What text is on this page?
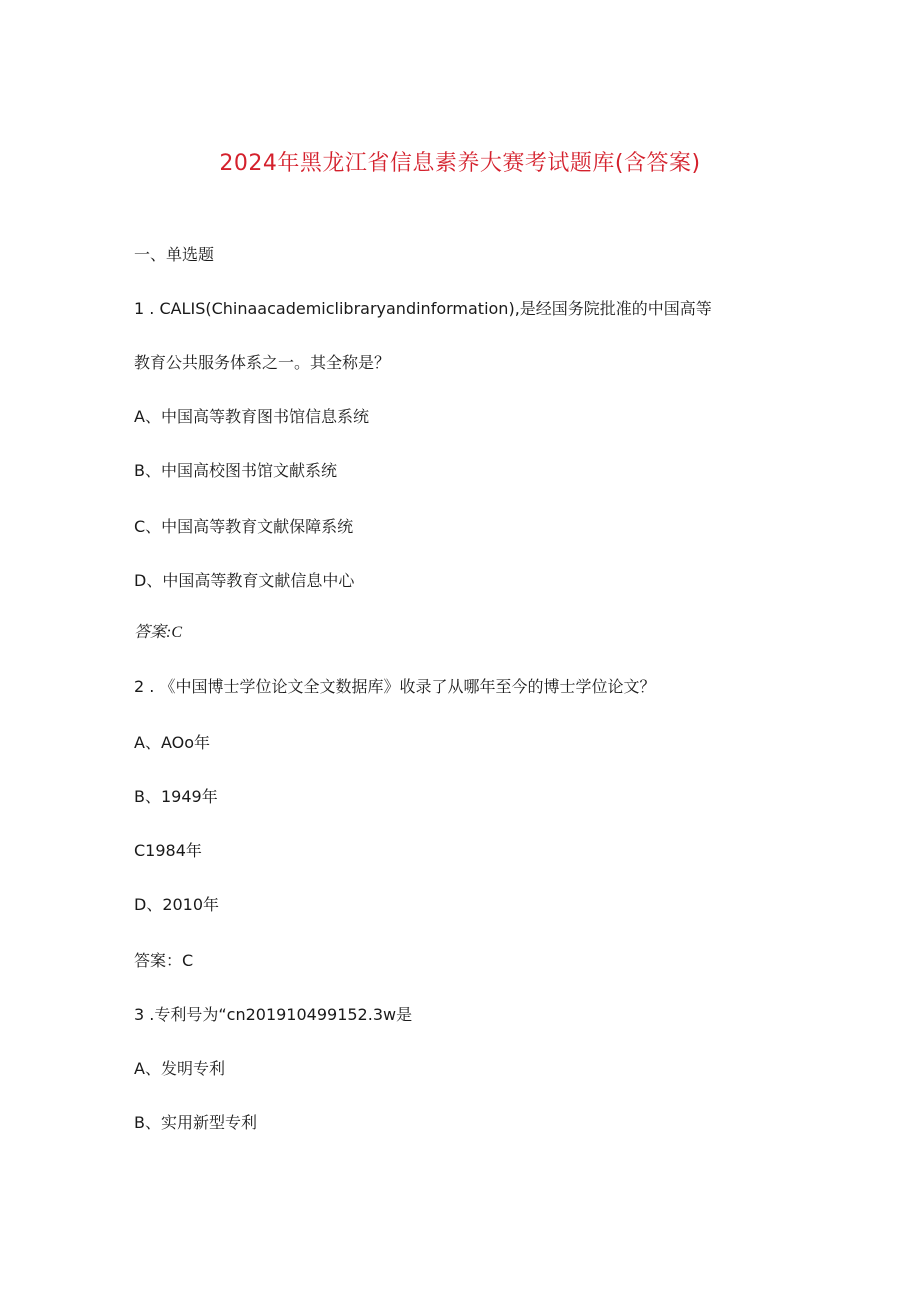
2024年黑龙江省信息素养大赛考试题库(含答案)
一、单选题
1 . CALIS(Chinaacademiclibraryandinformation),是经国务院批准的中国高等
教育公共服务体系之一。其全称是？
A、中国高等教育图书馆信息系统
B、中国高校图书馆文献系统
C、中国高等教育文献保障系统
D、中国高等教育文献信息中心
答案:C
2 . 《中国博士学位论文全文数据库》收录了从哪年至今的博士学位论文？
A、AOo年
B、1949年
C1984年
D、2010年
答案：C
3 .专利号为“cn201910499152.3w是
A、发明专利
B、实用新型专利
